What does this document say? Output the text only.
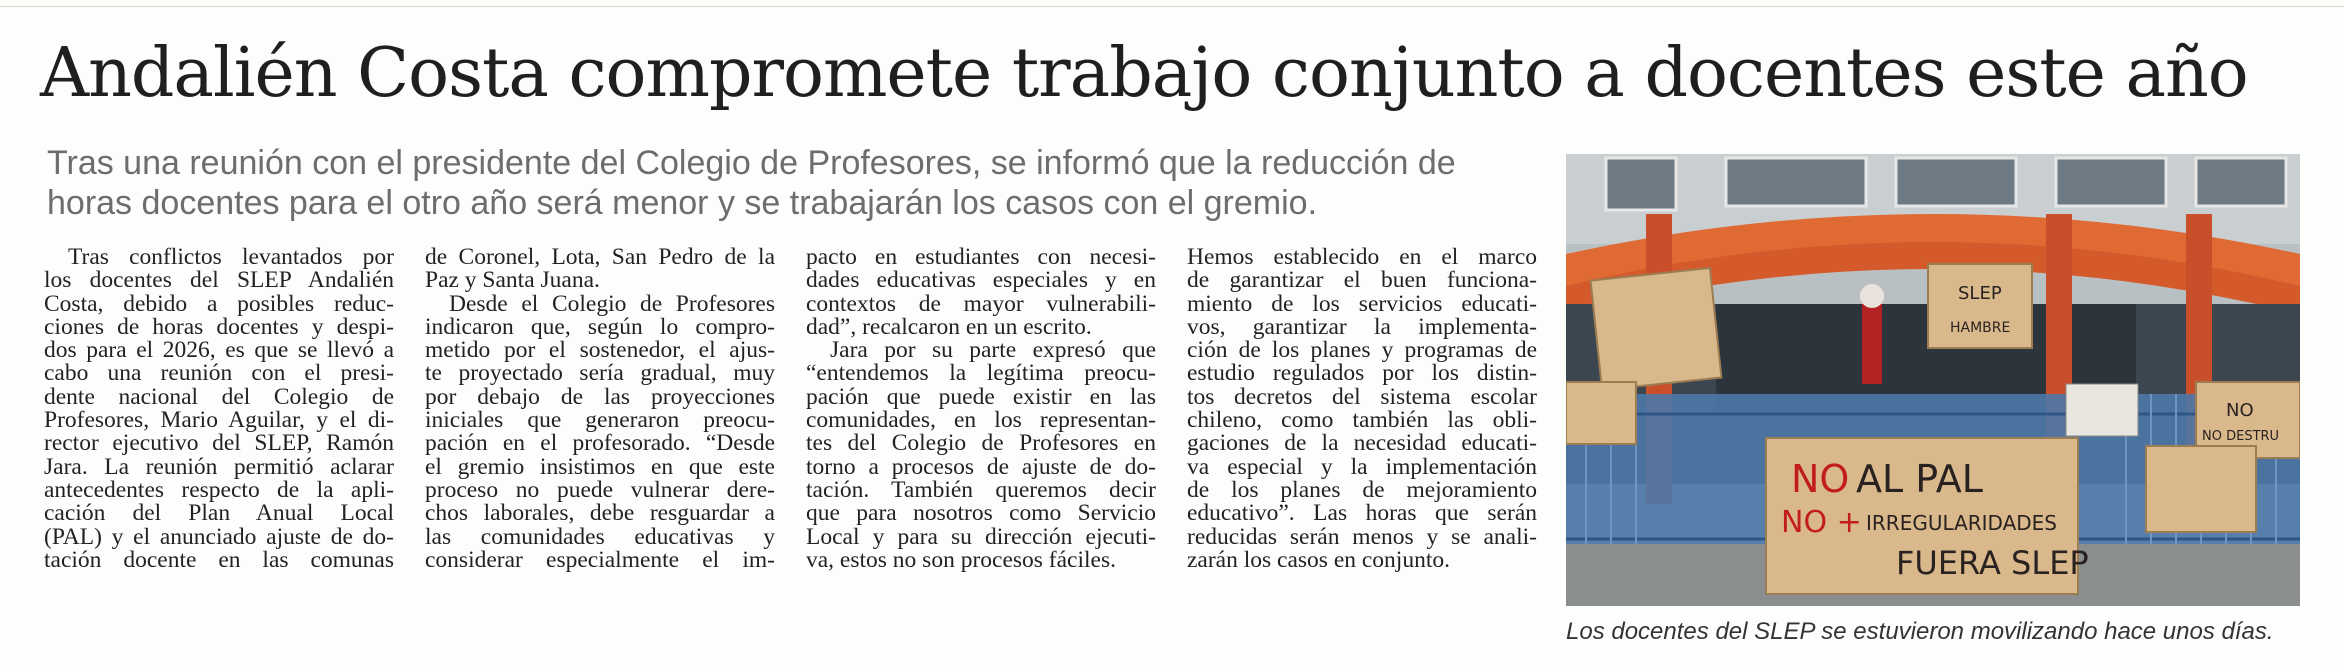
Andalién Costa compromete trabajo conjunto a docentes este año
Tras una reunión con el presidente del Colegio de Profesores, se informó que la reducción de
horas docentes para el otro año será menor y se trabajarán los casos con el gremio.
Tras conflictos levantados por
los docentes del SLEP Andalién
Costa, debido a posibles reduc-
ciones de horas docentes y despi-
dos para el 2026, es que se llevó a
cabo una reunión con el presi-
dente nacional del Colegio de
Profesores, Mario Aguilar, y el di-
rector ejecutivo del SLEP, Ramón
Jara. La reunión permitió aclarar
antecedentes respecto de la apli-
cación del Plan Anual Local
(PAL) y el anunciado ajuste de do-
tación docente en las comunas
de Coronel, Lota, San Pedro de la
Paz y Santa Juana.
Desde el Colegio de Profesores
indicaron que, según lo compro-
metido por el sostenedor, el ajus-
te proyectado sería gradual, muy
por debajo de las proyecciones
iniciales que generaron preocu-
pación en el profesorado. “Desde
el gremio insistimos en que este
proceso no puede vulnerar dere-
chos laborales, debe resguardar a
las comunidades educativas y
considerar especialmente el im-
pacto en estudiantes con necesi-
dades educativas especiales y en
contextos de mayor vulnerabili-
dad”, recalcaron en un escrito.
Jara por su parte expresó que
“entendemos la legítima preocu-
pación que puede existir en las
comunidades, en los representan-
tes del Colegio de Profesores en
torno a procesos de ajuste de do-
tación. También queremos decir
que para nosotros como Servicio
Local y para su dirección ejecuti-
va, estos no son procesos fáciles.
Hemos establecido en el marco
de garantizar el buen funciona-
miento de los servicios educati-
vos, garantizar la implementa-
ción de los planes y programas de
estudio regulados por los distin-
tos decretos del sistema escolar
chileno, como también las obli-
gaciones de la necesidad educati-
va especial y la implementación
de los planes de mejoramiento
educativo”. Las horas que serán
reducidas serán menos y se anali-
zarán los casos en conjunto.
NO AL PAL
NO + IRREGULARIDADES
FUERA SLEP
SLEP
HAMBRE
NO
NO DESTRU
Los docentes del SLEP se estuvieron movilizando hace unos días.
